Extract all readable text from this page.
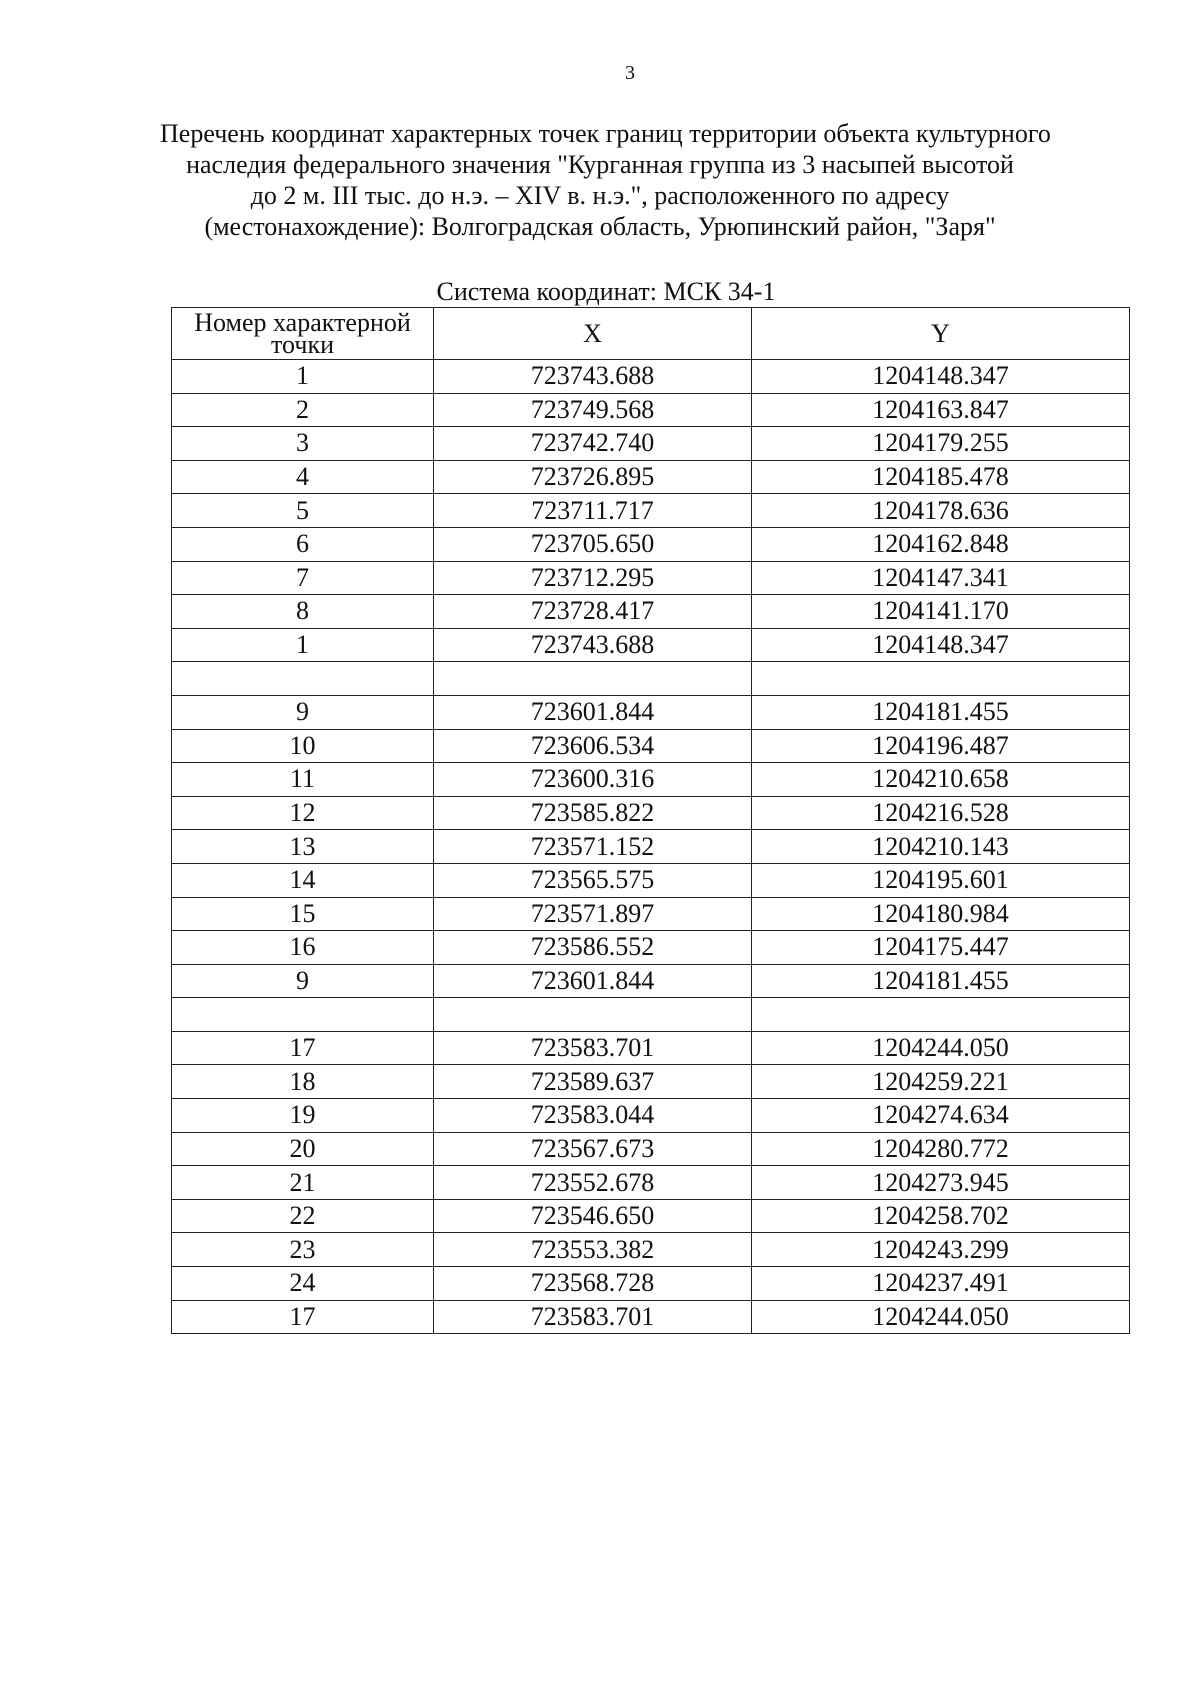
3
Перечень координат характерных точек границ территории объекта культурного
наследия федерального значения "Курганная группа из 3 насыпей высотой
до 2 м. III тыс. до н.э. – XIV в. н.э.", расположенного по адресу
(местонахождение): Волгоградская область, Урюпинский район, "Заря"
Система координат: МСК 34-1
Номер характерной точки	X	Y
1	723743.688	1204148.347
2	723749.568	1204163.847
3	723742.740	1204179.255
4	723726.895	1204185.478
5	723711.717	1204178.636
6	723705.650	1204162.848
7	723712.295	1204147.341
8	723728.417	1204141.170
1	723743.688	1204148.347

9	723601.844	1204181.455
10	723606.534	1204196.487
11	723600.316	1204210.658
12	723585.822	1204216.528
13	723571.152	1204210.143
14	723565.575	1204195.601
15	723571.897	1204180.984
16	723586.552	1204175.447
9	723601.844	1204181.455

17	723583.701	1204244.050
18	723589.637	1204259.221
19	723583.044	1204274.634
20	723567.673	1204280.772
21	723552.678	1204273.945
22	723546.650	1204258.702
23	723553.382	1204243.299
24	723568.728	1204237.491
17	723583.701	1204244.050
